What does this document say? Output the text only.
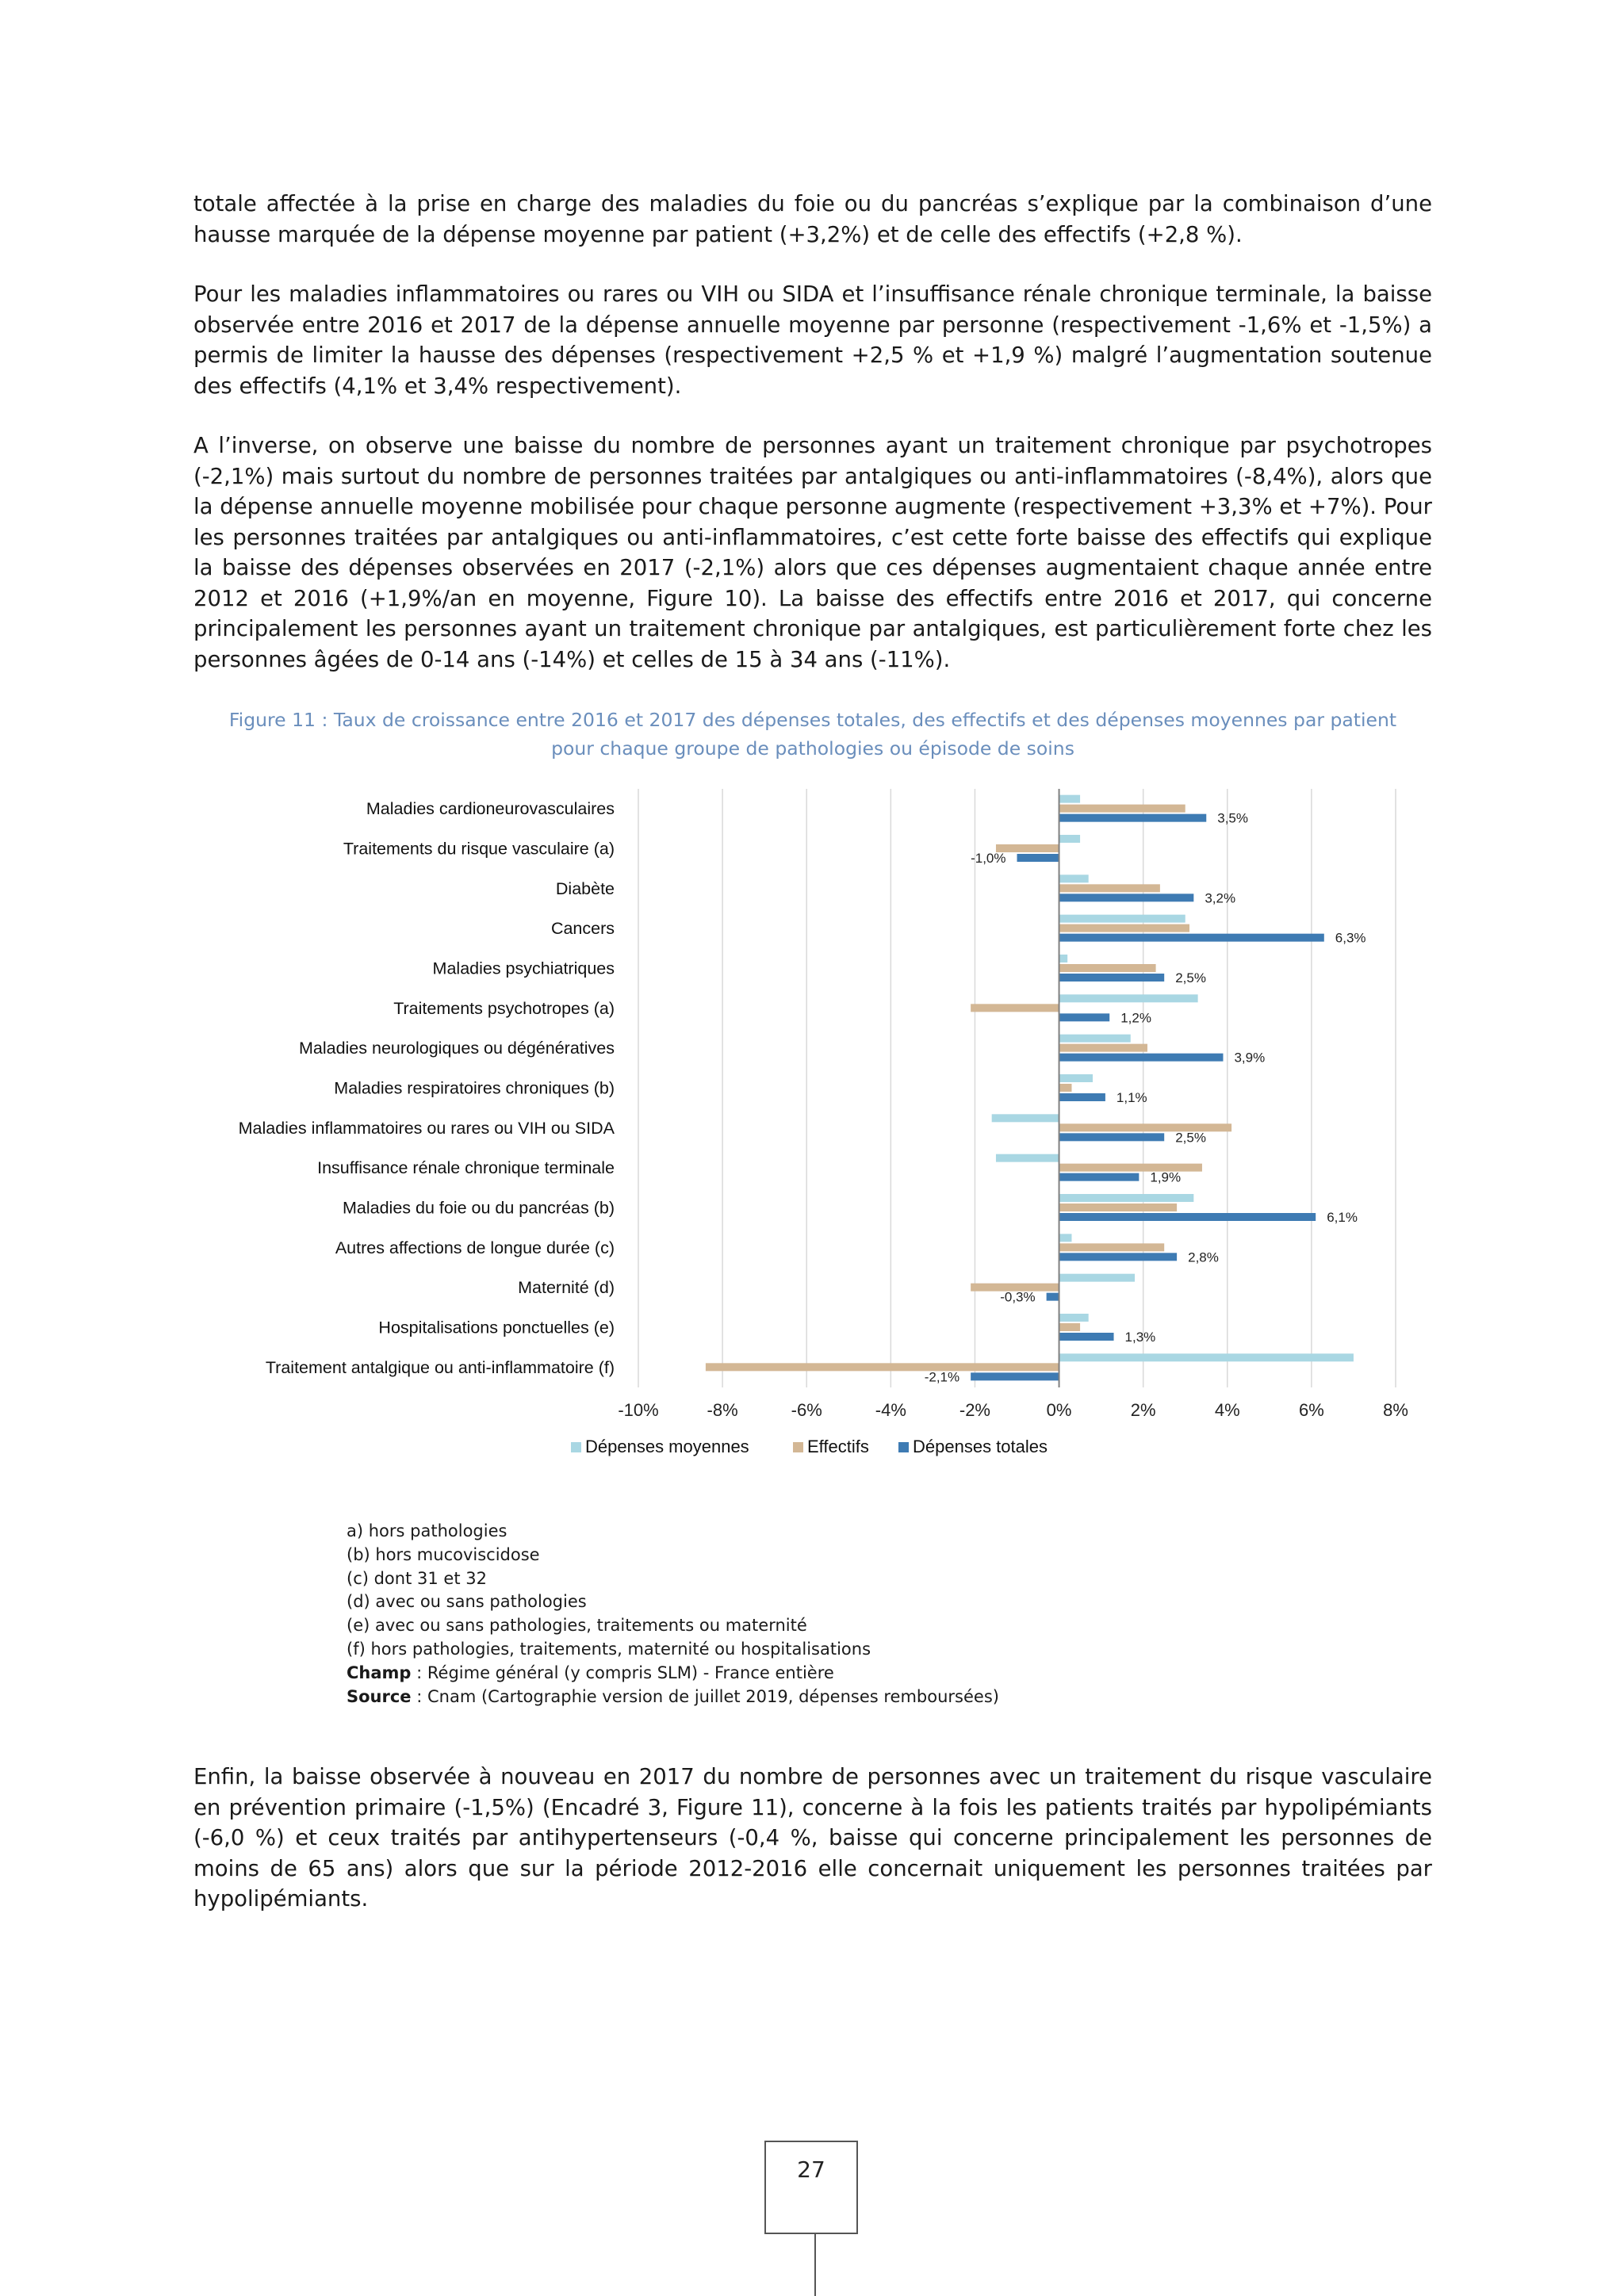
totale affectée à la prise en charge des maladies du foie ou du pancréas s’explique par la combinaison d’une hausse marquée de la dépense moyenne par patient (+3,2%) et de celle des effectifs (+2,8 %).

Pour les maladies inflammatoires ou rares ou VIH ou SIDA et l’insuffisance rénale chronique terminale, la baisse observée entre 2016 et 2017 de la dépense annuelle moyenne par personne (respectivement -1,6% et -1,5%) a permis de limiter la hausse des dépenses (respectivement +2,5 % et +1,9 %) malgré l’augmentation soutenue des effectifs (4,1% et 3,4% respectivement).

A l’inverse, on observe une baisse du nombre de personnes ayant un traitement chronique par psychotropes (-2,1%) mais surtout du nombre de personnes traitées par antalgiques ou anti-inflammatoires (-8,4%), alors que la dépense annuelle moyenne mobilisée pour chaque personne augmente (respectivement +3,3% et +7%). Pour les personnes traitées par antalgiques ou anti-inflammatoires, c’est cette forte baisse des effectifs qui explique la baisse des dépenses observées en 2017 (-2,1%) alors que ces dépenses augmentaient chaque année entre 2012 et 2016 (+1,9%/an en moyenne, Figure 10). La baisse des effectifs entre 2016 et 2017, qui concerne principalement les personnes ayant un traitement chronique par antalgiques, est particulièrement forte chez les personnes âgées de 0-14 ans (-14%) et celles de 15 à 34 ans (-11%).

Figure 11 : Taux de croissance entre 2016 et 2017 des dépenses totales, des effectifs et des dépenses moyennes par patient
pour chaque groupe de pathologies ou épisode de soins
-10%	-8%	-6%	-4%	-2%	0%	2%	4%	6%	8%
Maladies cardioneurovasculaires
3,5%
Traitements du risque vasculaire (a)	-1,0%
Diabète	3,2%
Cancers	6,3%
Maladies psychiatriques	2,5%
Traitements psychotropes (a)	1,2%
Maladies neurologiques ou dégénératives	3,9%
Maladies respiratoires chroniques (b)	1,1%
Maladies inflammatoires ou rares ou VIH ou SIDA	2,5%
Insuffisance rénale chronique terminale
1,9%
Maladies du foie ou du pancréas (b)	6,1%
Autres affections de longue durée (c)	2,8%
Maternité (d)	-0,3%
Hospitalisations ponctuelles (e)	1,3%
Traitement antalgique ou anti-inflammatoire (f)	-2,1%
Dépenses moyennes	Effectifs	Dépenses totales
a) hors pathologies
(b) hors mucoviscidose
(c) dont 31 et 32
(d) avec ou sans pathologies
(e) avec ou sans pathologies, traitements ou maternité
(f) hors pathologies, traitements, maternité ou hospitalisations
Champ : Régime général (y compris SLM) - France entière
Source : Cnam (Cartographie version de juillet 2019, dépenses remboursées)

Enfin, la baisse observée à nouveau en 2017 du nombre de personnes avec un traitement du risque vasculaire en prévention primaire (-1,5%) (Encadré 3, Figure 11), concerne à la fois les patients traités par hypolipémiants (-6,0 %) et ceux traités par antihypertenseurs (-0,4 %, baisse qui concerne principalement les personnes de moins de 65 ans) alors que sur la période 2012-2016 elle concernait uniquement les personnes traitées par hypolipémiants.

27
